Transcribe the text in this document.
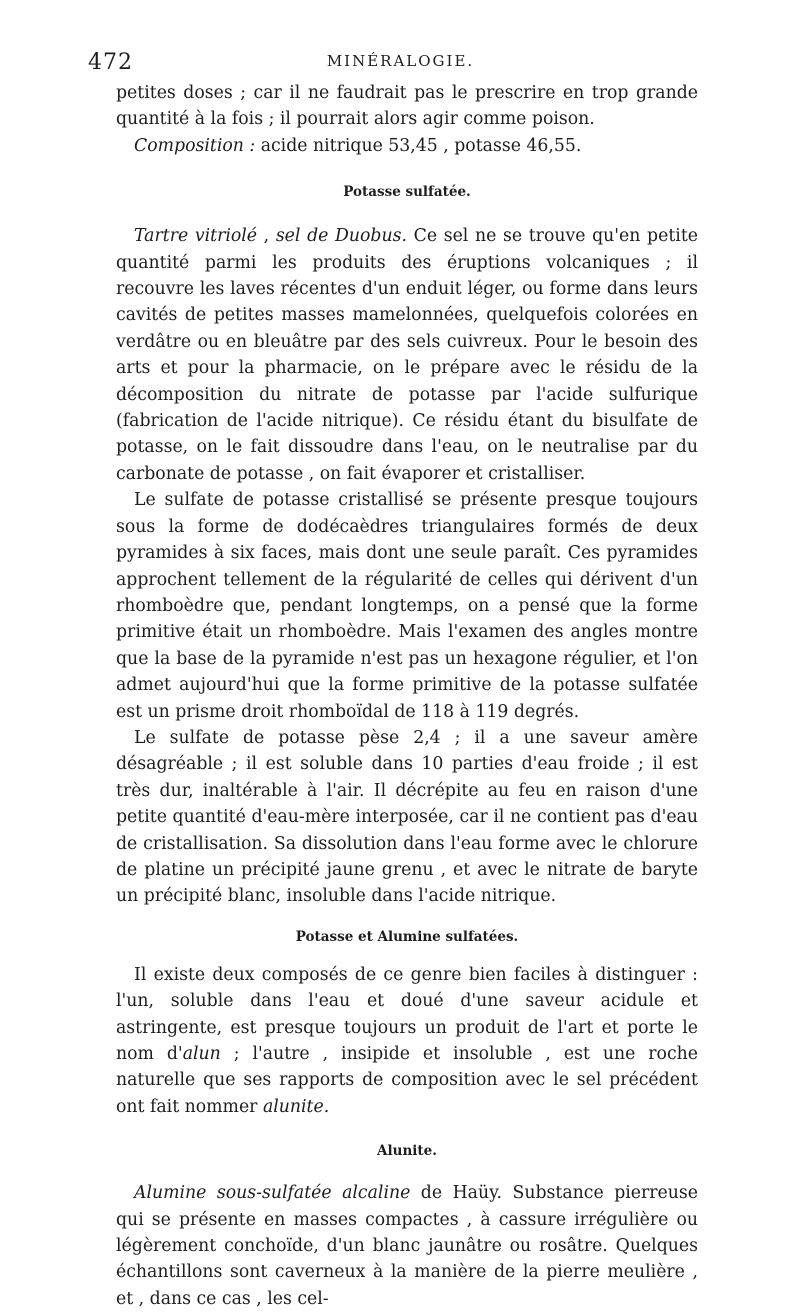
472	MINÉRALOGIE.

petites doses ; car il ne faudrait pas le prescrire en trop grande quantité à la fois ; il pourrait alors agir comme poison.

Composition : acide nitrique 53,45 , potasse 46,55.

Potasse sulfatée.

Tartre vitriolé , sel de Duobus. Ce sel ne se trouve qu'en petite quantité parmi les produits des éruptions volcaniques ; il recouvre les laves récentes d'un enduit léger, ou forme dans leurs cavités de petites masses mamelonnées, quelquefois colorées en verdâtre ou en bleuâtre par des sels cuivreux. Pour le besoin des arts et pour la pharmacie, on le prépare avec le résidu de la décomposition du nitrate de potasse par l'acide sulfurique (fabrication de l'acide nitrique). Ce résidu étant du bisulfate de potasse, on le fait dissoudre dans l'eau, on le neutralise par du carbonate de potasse , on fait évaporer et cristalliser.

Le sulfate de potasse cristallisé se présente presque toujours sous la forme de dodécaèdres triangulaires formés de deux pyramides à six faces, mais dont une seule paraît. Ces pyramides approchent tellement de la régularité de celles qui dérivent d'un rhomboèdre que, pendant longtemps, on a pensé que la forme primitive était un rhomboèdre. Mais l'examen des angles montre que la base de la pyramide n'est pas un hexagone régulier, et l'on admet aujourd'hui que la forme primitive de la potasse sulfatée est un prisme droit rhomboïdal de 118 à 119 degrés.

Le sulfate de potasse pèse 2,4 ; il a une saveur amère désagréable ; il est soluble dans 10 parties d'eau froide ; il est très dur, inaltérable à l'air. Il décrépite au feu en raison d'une petite quantité d'eau-mère interposée, car il ne contient pas d'eau de cristallisation. Sa dissolution dans l'eau forme avec le chlorure de platine un précipité jaune grenu , et avec le nitrate de baryte un précipité blanc, insoluble dans l'acide nitrique.

Potasse et Alumine sulfatées.

Il existe deux composés de ce genre bien faciles à distinguer : l'un, soluble dans l'eau et doué d'une saveur acidule et astringente, est presque toujours un produit de l'art et porte le nom d'alun ; l'autre , insipide et insoluble , est une roche naturelle que ses rapports de composition avec le sel précédent ont fait nommer alunite.

Alunite.

Alumine sous-sulfatée alcaline de Haüy. Substance pierreuse qui se présente en masses compactes , à cassure irrégulière ou légèrement conchoïde, d'un blanc jaunâtre ou rosâtre. Quelques échantillons sont caverneux à la manière de la pierre meulière , et , dans ce cas , les cel-
